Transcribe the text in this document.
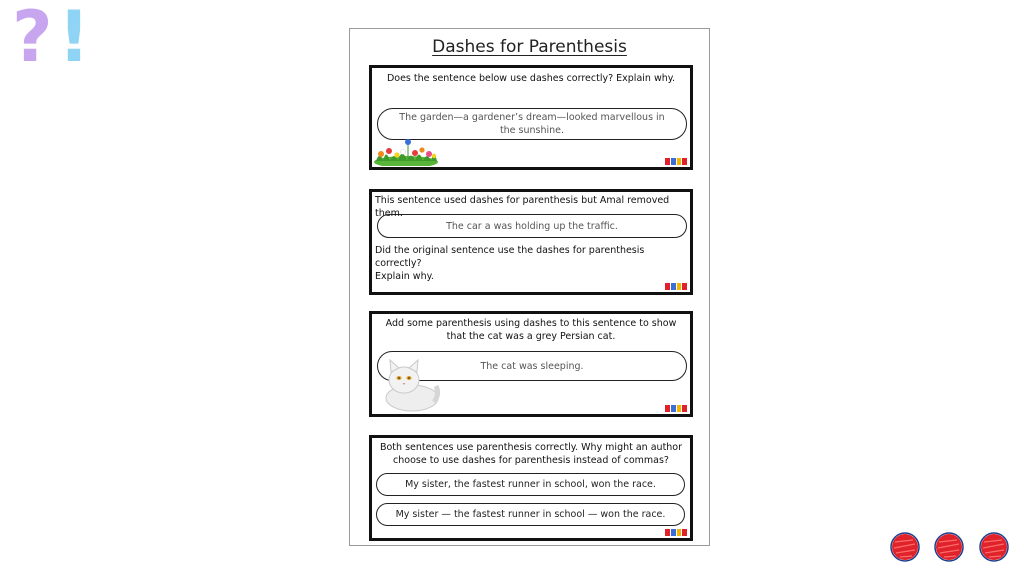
? !	Dashes for Parenthesis
Does the sentence below use dashes correctly? Explain why.
The garden—a gardener’s dream—looked marvellous in the sunshine.
This sentence used dashes for parenthesis but Amal removed them.
The car a was holding up the traffic.
Did the original sentence use the dashes for parenthesis correctly?
Explain why.
Add some parenthesis using dashes to this sentence to show that the cat was a grey Persian cat.
The cat was sleeping.
Both sentences use parenthesis correctly. Why might an author choose to use dashes for parenthesis instead of commas?
My sister, the fastest runner in school, won the race.
My sister — the fastest runner in school — won the race.
